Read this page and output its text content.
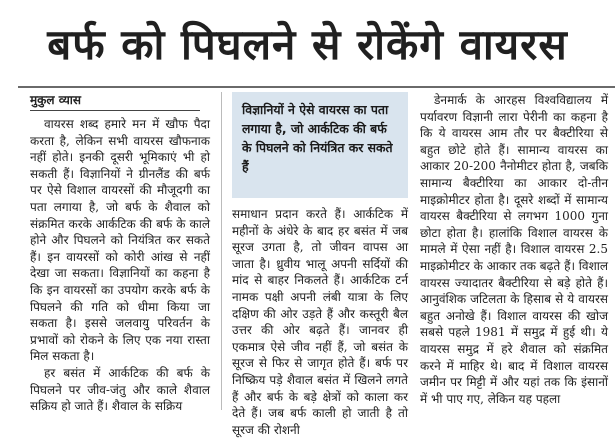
बर्फ को पिघलने से रोकेंगे वायरस
मुकुल व्यास

वायरस शब्द हमारे मन में खौफ पैदा करता है, लेकिन सभी वायरस खौफनाक नहीं होते। इनकी दूसरी भूमिकाएं भी हो सकती हैं। विज्ञानियों ने ग्रीनलैंड की बर्फ पर ऐसे विशाल वायरसों की मौजूदगी का पता लगाया है, जो बर्फ के शैवाल को संक्रमित करके आर्कटिक की बर्फ के काले होने और पिघलने को नियंत्रित कर सकते हैं। इन वायरसों को कोरी आंख से नहीं देखा जा सकता। विज्ञानियों का कहना है कि इन वायरसों का उपयोग करके बर्फ के पिघलने की गति को धीमा किया जा सकता है। इससे जलवायु परिवर्तन के प्रभावों को रोकने के लिए एक नया रास्ता मिल सकता है।

हर बसंत में आर्कटिक की बर्फ के पिघलने पर जीव-जंतु और काले शैवाल सक्रिय हो जाते हैं। शैवाल के सक्रिय

विज्ञानियों ने ऐसे वायरस का पता लगाया है, जो आर्कटिक की बर्फ के पिघलने को नियंत्रित कर सकते हैं

समाधान प्रदान करते हैं। आर्कटिक में महीनों के अंधेरे के बाद हर बसंत में जब सूरज उगता है, तो जीवन वापस आ जाता है। ध्रुवीय भालू अपनी सर्दियों की मांद से बाहर निकलते हैं। आर्कटिक टर्न नामक पक्षी अपनी लंबी यात्रा के लिए दक्षिण की ओर उड़ते हैं और कस्तूरी बैल उत्तर की ओर बढ़ते हैं। जानवर ही एकमात्र ऐसे जीव नहीं हैं, जो बसंत के सूरज से फिर से जागृत होते हैं। बर्फ पर निष्क्रिय पड़े शैवाल बसंत में खिलने लगते हैं और बर्फ के बड़े क्षेत्रों को काला कर देते हैं। जब बर्फ काली हो जाती है तो सूरज की रोशनी

डेनमार्क के आरहस विश्वविद्यालय में पर्यावरण विज्ञानी लारा पेरीनी का कहना है कि ये वायरस आम तौर पर बैक्टीरिया से बहुत छोटे होते हैं। सामान्य वायरस का आकार 20-200 नैनोमीटर होता है, जबकि सामान्य बैक्टीरिया का आकार दो-तीन माइक्रोमीटर होता है। दूसरे शब्दों में सामान्य वायरस बैक्टीरिया से लगभग 1000 गुना छोटा होता है। हालांकि विशाल वायरस के मामले में ऐसा नहीं है। विशाल वायरस 2.5 माइक्रोमीटर के आकार तक बढ़ते हैं। विशाल वायरस ज्यादातर बैक्टीरिया से बड़े होते हैं। आनुवंशिक जटिलता के हिसाब से ये वायरस बहुत अनोखे हैं। विशाल वायरस की खोज सबसे पहले 1981 में समुद्र में हुई थी। ये वायरस समुद्र में हरे शैवाल को संक्रमित करने में माहिर थे। बाद में विशाल वायरस जमीन पर मिट्टी में और यहां तक कि इंसानों में भी पाए गए, लेकिन यह पहला
